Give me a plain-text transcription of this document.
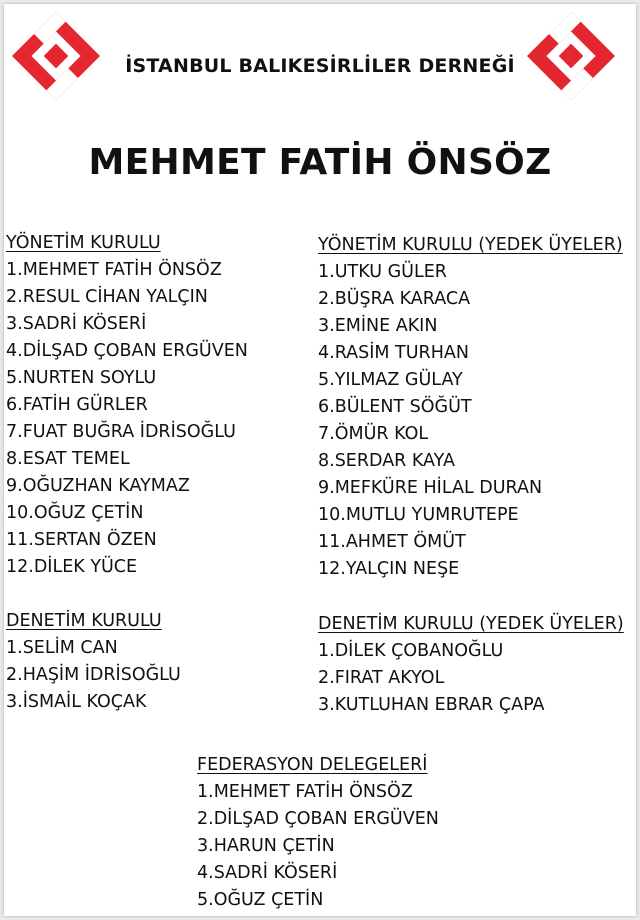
İSTANBUL BALIKESİRLİLER DERNEĞİ
MEHMET FATİH ÖNSÖZ
YÖNETİM KURULU
1.MEHMET FATİH ÖNSÖZ
2.RESUL CİHAN YALÇIN
3.SADRİ KÖSERİ
4.DİLŞAD ÇOBAN ERGÜVEN
5.NURTEN SOYLU
6.FATİH GÜRLER
7.FUAT BUĞRA İDRİSOĞLU
8.ESAT TEMEL
9.OĞUZHAN KAYMAZ
10.OĞUZ ÇETİN
11.SERTAN ÖZEN
12.DİLEK YÜCE
YÖNETİM KURULU (YEDEK ÜYELER)
1.UTKU GÜLER
2.BÜŞRA KARACA
3.EMİNE AKIN
4.RASİM TURHAN
5.YILMAZ GÜLAY
6.BÜLENT SÖĞÜT
7.ÖMÜR KOL
8.SERDAR KAYA
9.MEFKÜRE HİLAL DURAN
10.MUTLU YUMRUTEPE
11.AHMET ÖMÜT
12.YALÇIN NEŞE
DENETİM KURULU
1.SELİM CAN
2.HAŞİM İDRİSOĞLU
3.İSMAİL KOÇAK
DENETİM KURULU (YEDEK ÜYELER)
1.DİLEK ÇOBANOĞLU
2.FIRAT AKYOL
3.KUTLUHAN EBRAR ÇAPA
FEDERASYON DELEGELERİ
1.MEHMET FATİH ÖNSÖZ
2.DİLŞAD ÇOBAN ERGÜVEN
3.HARUN ÇETİN
4.SADRİ KÖSERİ
5.OĞUZ ÇETİN
